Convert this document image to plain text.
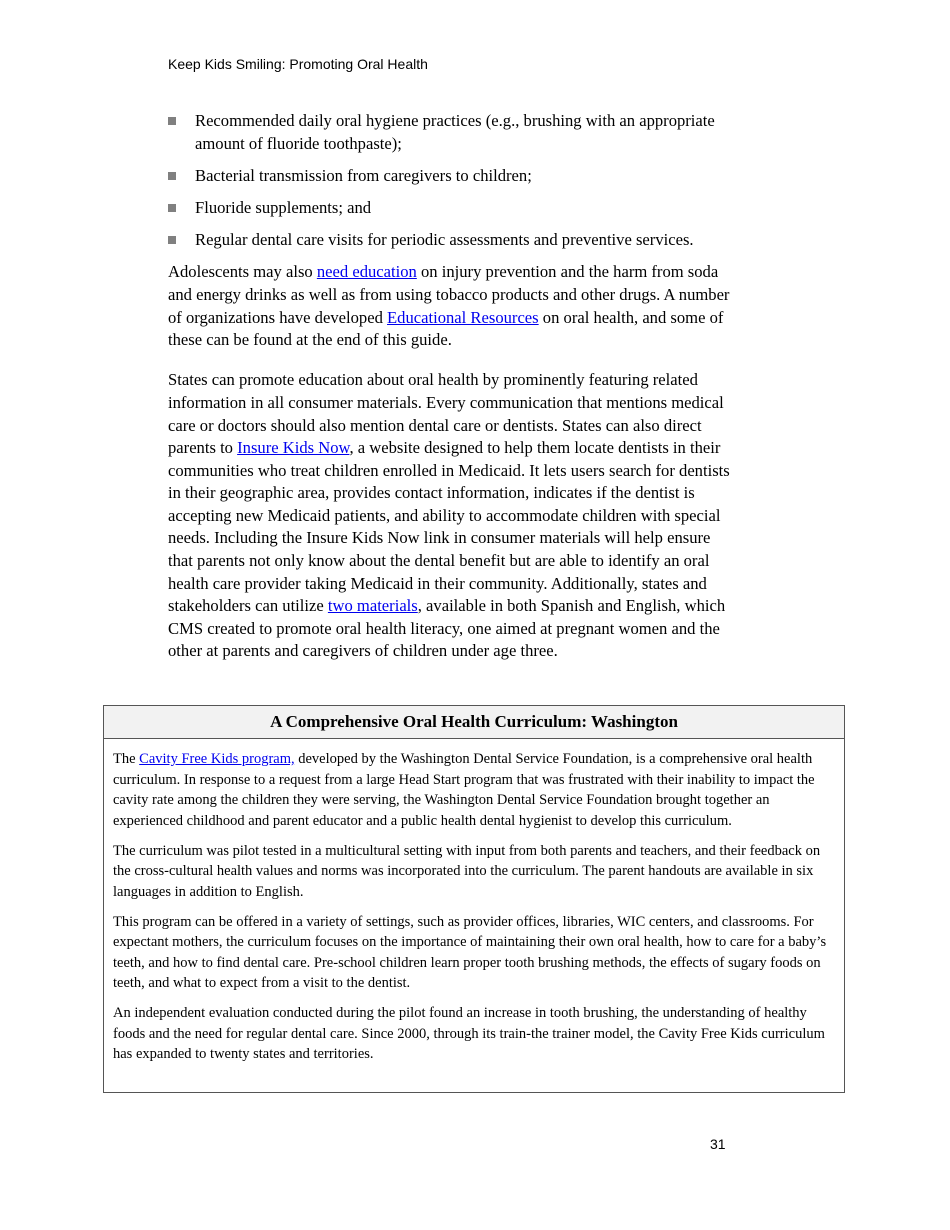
Keep Kids Smiling: Promoting Oral Health
Recommended daily oral hygiene practices (e.g., brushing with an appropriate amount of fluoride toothpaste);
Bacterial transmission from caregivers to children;
Fluoride supplements; and
Regular dental care visits for periodic assessments and preventive services.

Adolescents may also need education on injury prevention and the harm from soda and energy drinks as well as from using tobacco products and other drugs. A number of organizations have developed Educational Resources on oral health, and some of these can be found at the end of this guide.

States can promote education about oral health by prominently featuring related information in all consumer materials. Every communication that mentions medical care or doctors should also mention dental care or dentists. States can also direct parents to Insure Kids Now, a website designed to help them locate dentists in their communities who treat children enrolled in Medicaid. It lets users search for dentists in their geographic area, provides contact information, indicates if the dentist is accepting new Medicaid patients, and ability to accommodate children with special needs. Including the Insure Kids Now link in consumer materials will help ensure that parents not only know about the dental benefit but are able to identify an oral health care provider taking Medicaid in their community. Additionally, states and stakeholders can utilize two materials, available in both Spanish and English, which CMS created to promote oral health literacy, one aimed at pregnant women and the other at parents and caregivers of children under age three.

A Comprehensive Oral Health Curriculum: Washington

The Cavity Free Kids program, developed by the Washington Dental Service Foundation, is a comprehensive oral health curriculum. In response to a request from a large Head Start program that was frustrated with their inability to impact the cavity rate among the children they were serving, the Washington Dental Service Foundation brought together an experienced childhood and parent educator and a public health dental hygienist to develop this curriculum.

The curriculum was pilot tested in a multicultural setting with input from both parents and teachers, and their feedback on the cross-cultural health values and norms was incorporated into the curriculum. The parent handouts are available in six languages in addition to English.

This program can be offered in a variety of settings, such as provider offices, libraries, WIC centers, and classrooms. For expectant mothers, the curriculum focuses on the importance of maintaining their own oral health, how to care for a baby’s teeth, and how to find dental care. Pre-school children learn proper tooth brushing methods, the effects of sugary foods on teeth, and what to expect from a visit to the dentist.

An independent evaluation conducted during the pilot found an increase in tooth brushing, the understanding of healthy foods and the need for regular dental care. Since 2000, through its train-the trainer model, the Cavity Free Kids curriculum has expanded to twenty states and territories.

31
